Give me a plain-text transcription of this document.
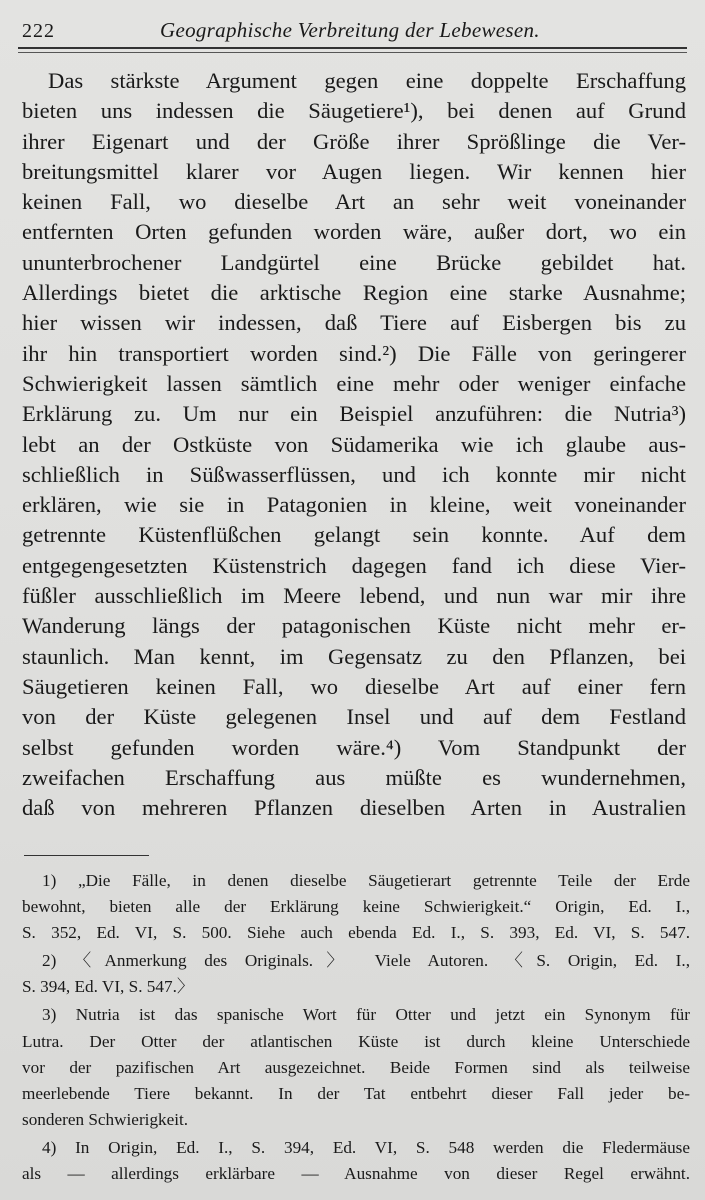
222	Geographische Verbreitung der Lebewesen.
Das stärkste Argument gegen eine doppelte Erschaffung
bieten uns indessen die Säugetiere¹), bei denen auf Grund
ihrer Eigenart und der Größe ihrer Sprößlinge die Ver-
breitungsmittel klarer vor Augen liegen. Wir kennen hier
keinen Fall, wo dieselbe Art an sehr weit voneinander
entfernten Orten gefunden worden wäre, außer dort, wo ein
ununterbrochener Landgürtel eine Brücke gebildet hat.
Allerdings bietet die arktische Region eine starke Ausnahme;
hier wissen wir indessen, daß Tiere auf Eisbergen bis zu
ihr hin transportiert worden sind.²) Die Fälle von geringerer
Schwierigkeit lassen sämtlich eine mehr oder weniger einfache
Erklärung zu. Um nur ein Beispiel anzuführen: die Nutria³)
lebt an der Ostküste von Südamerika wie ich glaube aus-
schließlich in Süßwasserflüssen, und ich konnte mir nicht
erklären, wie sie in Patagonien in kleine, weit voneinander
getrennte Küstenflüßchen gelangt sein konnte. Auf dem
entgegengesetzten Küstenstrich dagegen fand ich diese Vier-
füßler ausschließlich im Meere lebend, und nun war mir ihre
Wanderung längs der patagonischen Küste nicht mehr er-
staunlich. Man kennt, im Gegensatz zu den Pflanzen, bei
Säugetieren keinen Fall, wo dieselbe Art auf einer fern
von der Küste gelegenen Insel und auf dem Festland
selbst gefunden worden wäre.⁴) Vom Standpunkt der
zweifachen Erschaffung aus müßte es wundernehmen,
daß von mehreren Pflanzen dieselben Arten in Australien
1) „Die Fälle, in denen dieselbe Säugetierart getrennte Teile der Erde
bewohnt, bieten alle der Erklärung keine Schwierigkeit.“ Origin, Ed. I.,
S. 352, Ed. VI, S. 500. Siehe auch ebenda Ed. I., S. 393, Ed. VI, S. 547.
2) 〈Anmerkung des Originals.〉 Viele Autoren. 〈S. Origin, Ed. I.,
S. 394, Ed. VI, S. 547.〉
3) Nutria ist das spanische Wort für Otter und jetzt ein Synonym für
Lutra. Der Otter der atlantischen Küste ist durch kleine Unterschiede
vor der pazifischen Art ausgezeichnet. Beide Formen sind als teilweise
meerlebende Tiere bekannt. In der Tat entbehrt dieser Fall jeder be-
sonderen Schwierigkeit.
4) In Origin, Ed. I., S. 394, Ed. VI, S. 548 werden die Fledermäuse
als — allerdings erklärbare — Ausnahme von dieser Regel erwähnt.
